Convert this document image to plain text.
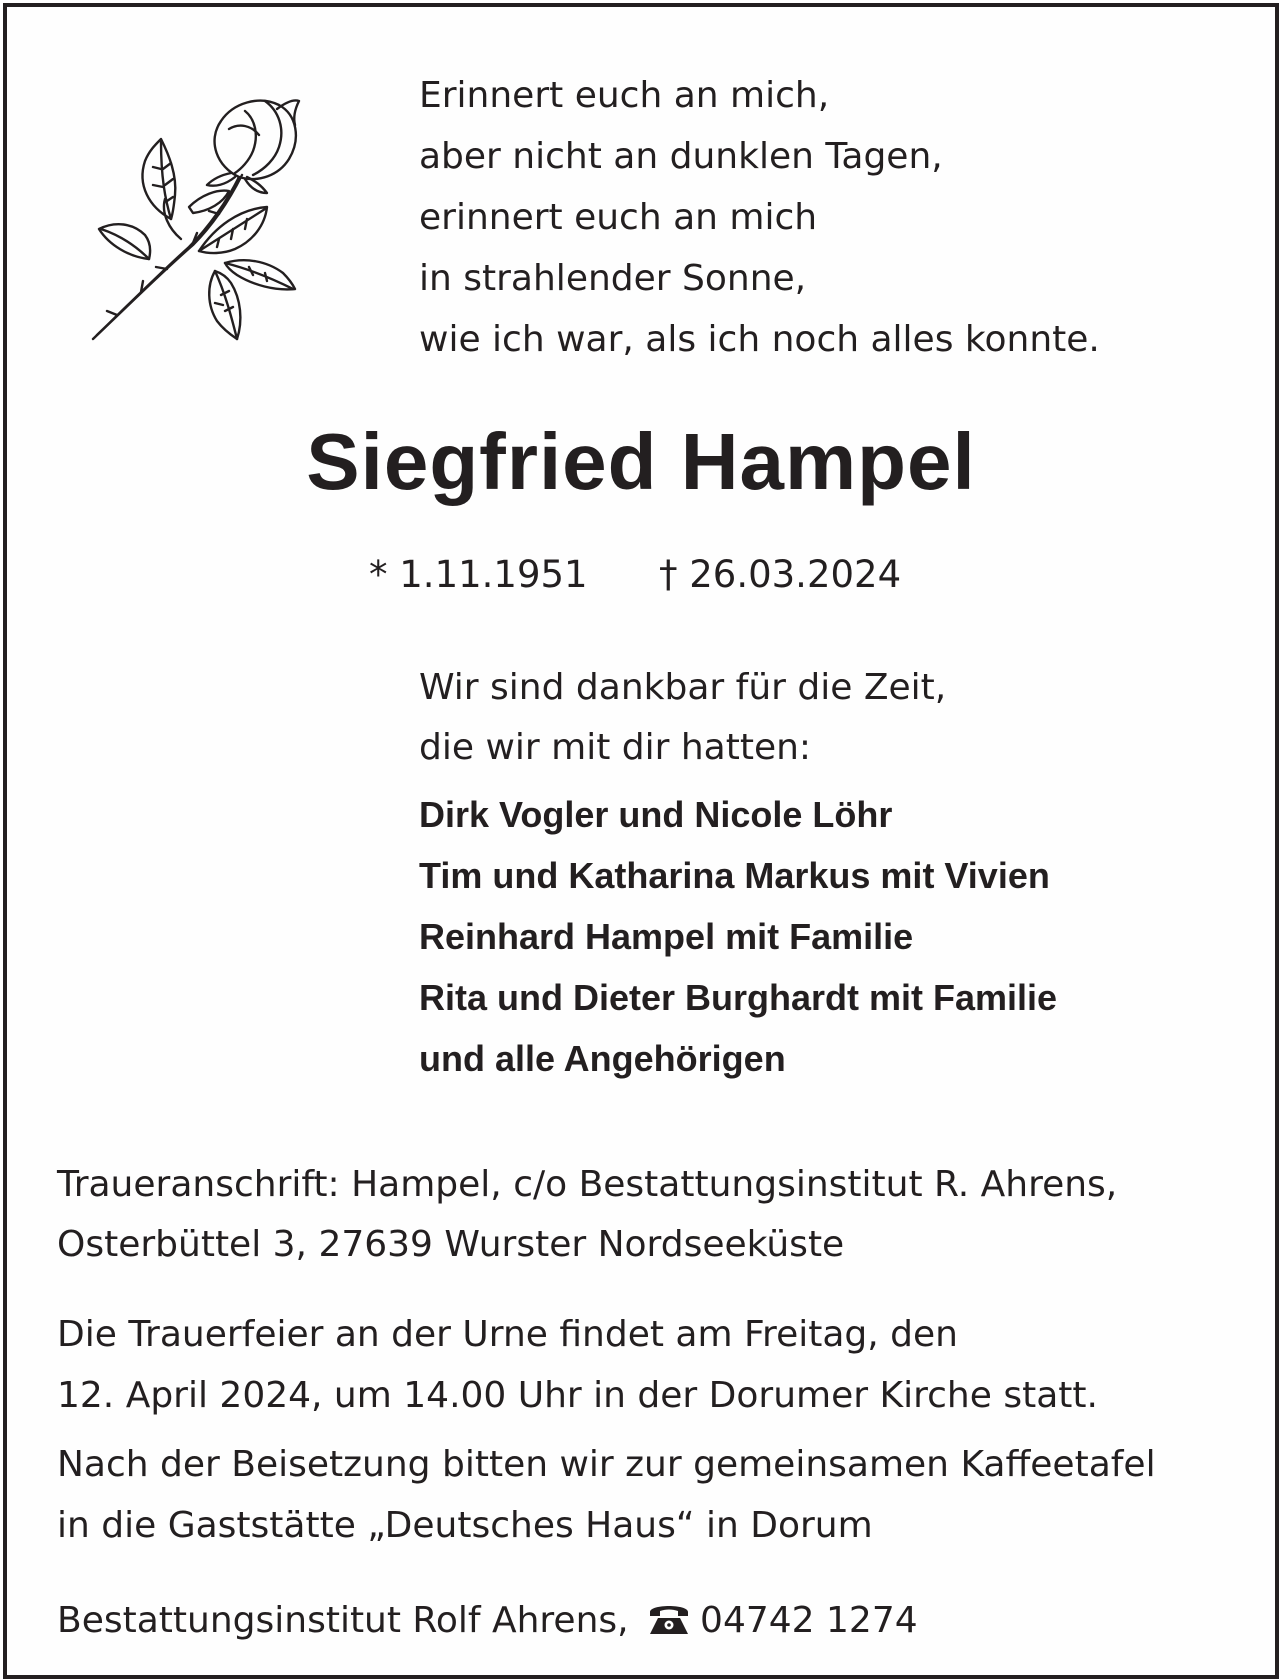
Erinnert euch an mich,
aber nicht an dunklen Tagen,
erinnert euch an mich
in strahlender Sonne,
wie ich war, als ich noch alles konnte.

Siegfried Hampel
* 1.11.1951 † 26.03.2024

Wir sind dankbar für die Zeit,
die wir mit dir hatten:

Dirk Vogler und Nicole Löhr
Tim und Katharina Markus mit Vivien
Reinhard Hampel mit Familie
Rita und Dieter Burghardt mit Familie
und alle Angehörigen

Traueranschrift: Hampel, c/o Bestattungsinstitut R. Ahrens,
Osterbüttel 3, 27639 Wurster Nordseeküste

Die Trauerfeier an der Urne findet am Freitag, den
12. April 2024, um 14.00 Uhr in der Dorumer Kirche statt.

Nach der Beisetzung bitten wir zur gemeinsamen Kaffeetafel
in die Gaststätte „Deutsches Haus“ in Dorum

Bestattungsinstitut Rolf Ahrens, 04742 1274
